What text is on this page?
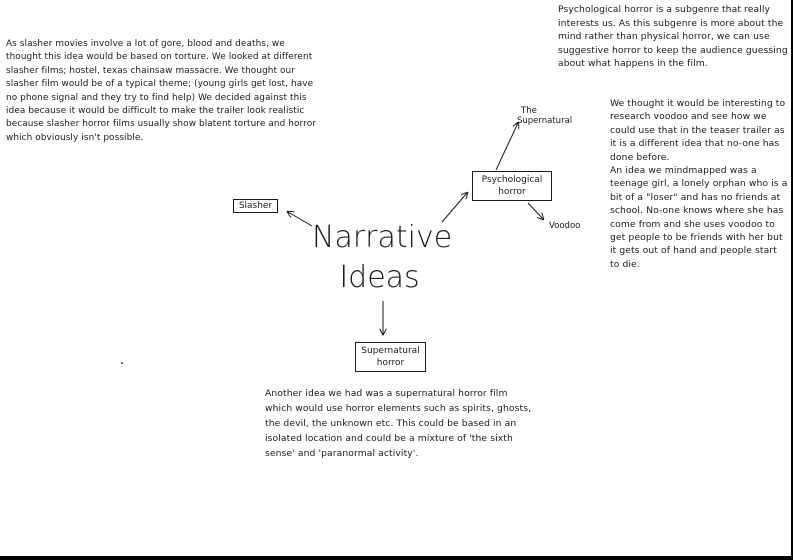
As slasher movies involve a lot of gore, blood and deaths, we thought this idea would be based on torture. We looked at different slasher films; hostel, texas chainsaw massacre. We thought our slasher film would be of a typical theme; (young girls get lost, have no phone signal and they try to find help) We decided against this idea because it would be difficult to make the trailer look realistic because slasher horror films usually show blatent torture and horror which obviously isn't possible.
Slasher
Psychological horror is a subgenre that really interests us. As this subgenre is more about the mind rather than physical horror, we can use suggestive horror to keep the audience guessing about what happens in the film.
The
Supernatural
Psychological
horror
Voodoo
We thought it would be interesting to research voodoo and see how we could use that in the teaser trailer as it is a different idea that no-one has done before.
An idea we mindmapped was a teenage girl, a lonely orphan who is a bit of a "loser" and has no friends at school. No-one knows where she has come from and she uses voodoo to get people to be friends with her but it gets out of hand and people start to die.
Narrative
Ideas
Supernatural
horror
Another idea we had was a supernatural horror film which would use horror elements such as spirits, ghosts, the devil, the unknown etc. This could be based in an isolated location and could be a mixture of 'the sixth sense' and 'paranormal activity'.
